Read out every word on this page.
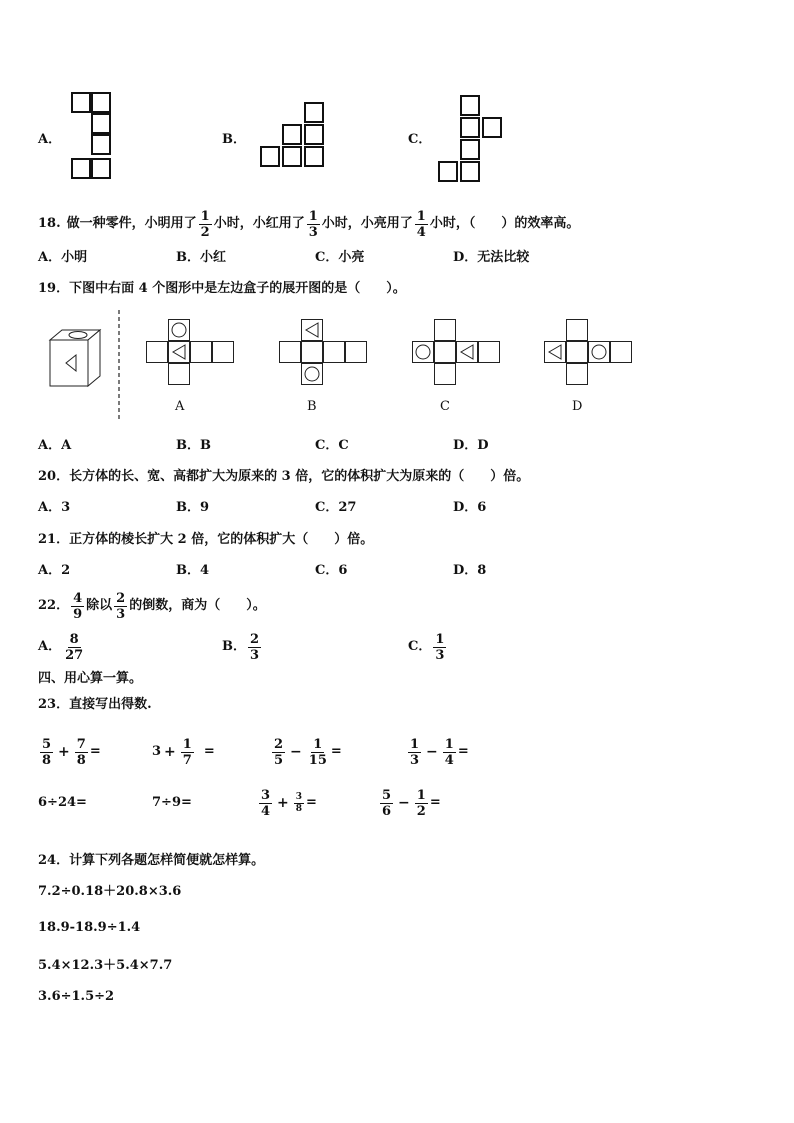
A．	B．	C．
18. 做一种零件，小明用了 $\frac{1}{2}$ 小时，小红用了 $\frac{1}{3}$ 小时，小亮用了 $\frac{1}{4}$ 小时，（　　）的效率高。
A．小明	B．小红	C．小亮	D．无法比较
19．下图中右面 4 个图形中是左边盒子的展开图的是（　　）。
A	B	C	D
A．A	B．B	C．C	D．D
20．长方体的长、宽、高都扩大为原来的 3 倍，它的体积扩大为原来的（　　）倍。
A．3	B．9	C．27	D．6
21．正方体的棱长扩大 2 倍，它的体积扩大（　　）倍。
A．2	B．4	C．6	D．8
22． $\frac{4}{9}$ 除以 $\frac{2}{3}$ 的倒数，商为（　　）。
A． $\frac{8}{27}$	B． $\frac{2}{3}$	C． $\frac{1}{3}$
四、用心算一算。
23．直接写出得数.
$\frac{5}{8} + \frac{7}{8}$ =	$3 + \frac{1}{7}$ =	$\frac{2}{5} - \frac{1}{15}$ =	$\frac{1}{3} - \frac{1}{4}$ =
6÷24=	7÷9=	$\frac{3}{4} + \frac{3}{8}$ =	$\frac{5}{6} - \frac{1}{2}$ =
24．计算下列各题怎样简便就怎样算。
7.2÷0.18＋20.8×3.6
18.9-18.9÷1.4
5.4×12.3＋5.4×7.7
3.6÷1.5÷2
